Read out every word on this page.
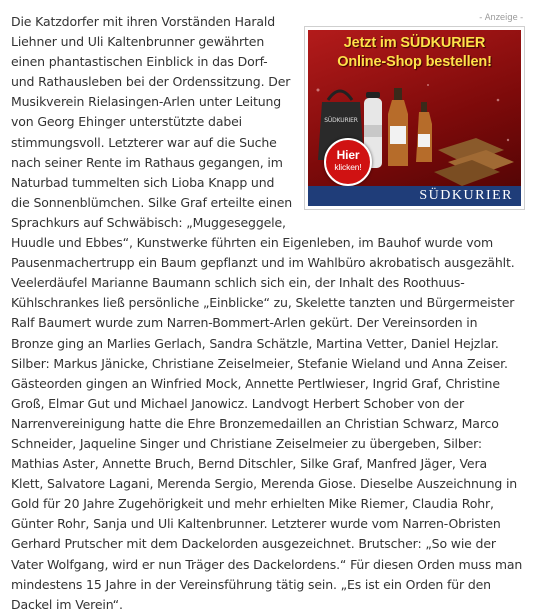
- Anzeige -
SÜDKURIER
Jetzt im SÜDKURIER
Online-Shop bestellen!
Hier
klicken!
SÜDKURIER

Die Katzdorfer mit ihren Vorständen Harald Liehner und Uli Kaltenbrunner gewährten einen phantastischen Einblick in das Dorf- und Rathausleben bei der Ordenssitzung. Der Musikverein Rielasingen-Arlen unter Leitung von Georg Ehinger unterstützte dabei stimmungsvoll. Letzterer war auf die Suche nach seiner Rente im Rathaus gegangen, im Naturbad tummelten sich Lioba Knapp und die Sonnenblümchen. Silke Graf erteilte einen Sprachkurs auf Schwäbisch: „Muggeseggele, Huudle und Ebbes“, Kunstwerke führten ein Eigenleben, im Bauhof wurde vom Pausenmachertrupp ein Baum gepflanzt und im Wahlbüro akrobatisch ausgezählt. Veelerdäufel Marianne Baumann schlich sich ein, der Inhalt des Roothuus-Kühlschrankes ließ persönliche „Einblicke“ zu, Skelette tanzten und Bürgermeister Ralf Baumert wurde zum Narren-Bommert-Arlen gekürt. Der Vereinsorden in Bronze ging an Marlies Gerlach, Sandra Schätzle, Martina Vetter, Daniel Hejzlar. Silber: Markus Jänicke, Christiane Zeiselmeier, Stefanie Wieland und Anna Zeiser. Gästeorden gingen an Winfried Mock, Annette Pertlwieser, Ingrid Graf, Christine Groß, Elmar Gut und Michael Janowicz. Landvogt Herbert Schober von der Narrenvereinigung hatte die Ehre Bronzemedaillen an Christian Schwarz, Marco Schneider, Jaqueline Singer und Christiane Zeiselmeier zu übergeben, Silber: Mathias Aster, Annette Bruch, Bernd Ditschler, Silke Graf, Manfred Jäger, Vera Klett, Salvatore Lagani, Merenda Sergio, Merenda Giose. Dieselbe Auszeichnung in Gold für 20 Jahre Zugehörigkeit und mehr erhielten Mike Riemer, Claudia Rohr, Günter Rohr, Sanja und Uli Kaltenbrunner. Letzterer wurde vom Narren-Obristen Gerhard Prutscher mit dem Dackelorden ausgezeichnet. Brutscher: „So wie der Vater Wolfgang, wird er nun Träger des Dackelordens.“ Für diesen Orden muss man mindestens 15 Jahre in der Vereinsführung tätig sein. „Es ist ein Orden für den Dackel im Verein“.
